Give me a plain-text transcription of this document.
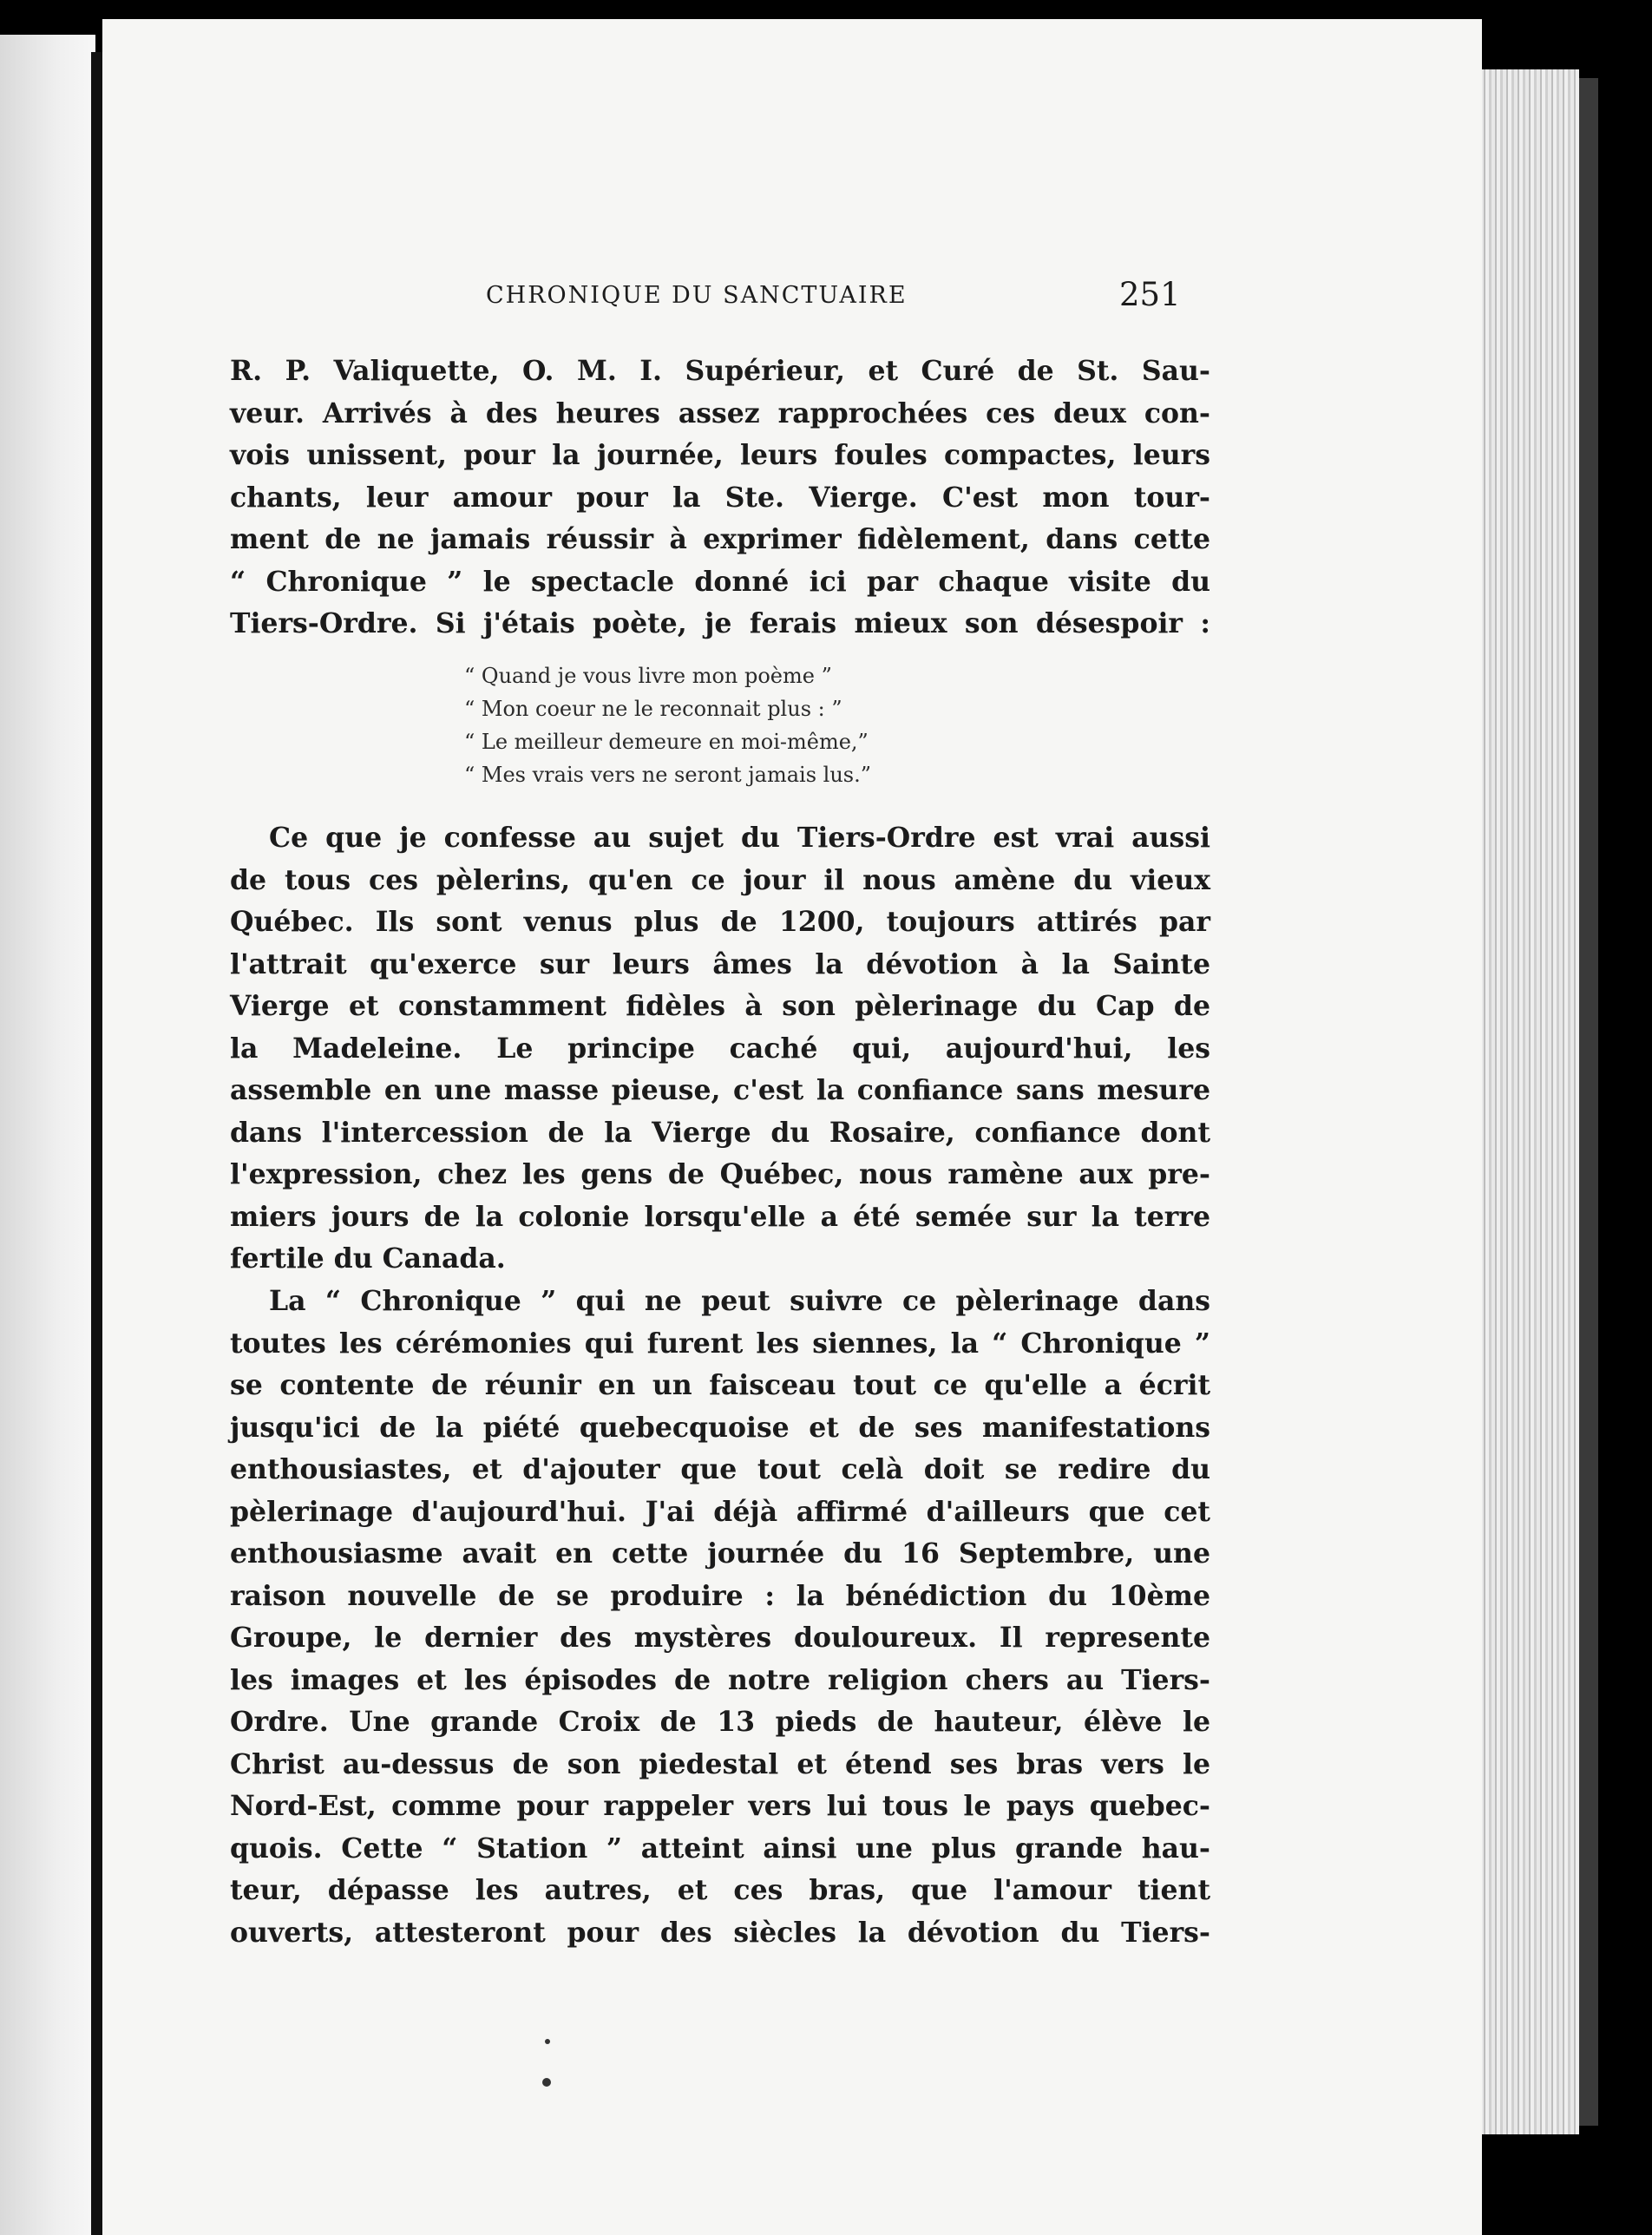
CHRONIQUE DU SANCTUAIRE	251
R. P. Valiquette, O. M. I. Supérieur, et Curé de St. Sau-
veur. Arrivés à des heures assez rapprochées ces deux con-
vois unissent, pour la journée, leurs foules compactes, leurs
chants, leur amour pour la Ste. Vierge. C'est mon tour-
ment de ne jamais réussir à exprimer fidèlement, dans cette
“ Chronique ” le spectacle donné ici par chaque visite du
Tiers-Ordre. Si j'étais poète, je ferais mieux son désespoir :
“ Quand je vous livre mon poème ”
“ Mon coeur ne le reconnait plus : ”
“ Le meilleur demeure en moi-même,”
“ Mes vrais vers ne seront jamais lus.”
Ce que je confesse au sujet du Tiers-Ordre est vrai aussi
de tous ces pèlerins, qu'en ce jour il nous amène du vieux
Québec. Ils sont venus plus de 1200, toujours attirés par
l'attrait qu'exerce sur leurs âmes la dévotion à la Sainte
Vierge et constamment fidèles à son pèlerinage du Cap de
la Madeleine. Le principe caché qui, aujourd'hui, les
assemble en une masse pieuse, c'est la confiance sans mesure
dans l'intercession de la Vierge du Rosaire, confiance dont
l'expression, chez les gens de Québec, nous ramène aux pre-
miers jours de la colonie lorsqu'elle a été semée sur la terre
fertile du Canada.
La “ Chronique ” qui ne peut suivre ce pèlerinage dans
toutes les cérémonies qui furent les siennes, la “ Chronique ”
se contente de réunir en un faisceau tout ce qu'elle a écrit
jusqu'ici de la piété quebecquoise et de ses manifestations
enthousiastes, et d'ajouter que tout celà doit se redire du
pèlerinage d'aujourd'hui. J'ai déjà affirmé d'ailleurs que cet
enthousiasme avait en cette journée du 16 Septembre, une
raison nouvelle de se produire : la bénédiction du 10ème
Groupe, le dernier des mystères douloureux. Il represente
les images et les épisodes de notre religion chers au Tiers-
Ordre. Une grande Croix de 13 pieds de hauteur, élève le
Christ au-dessus de son piedestal et étend ses bras vers le
Nord-Est, comme pour rappeler vers lui tous le pays quebec-
quois. Cette “ Station ” atteint ainsi une plus grande hau-
teur, dépasse les autres, et ces bras, que l'amour tient
ouverts, attesteront pour des siècles la dévotion du Tiers-
